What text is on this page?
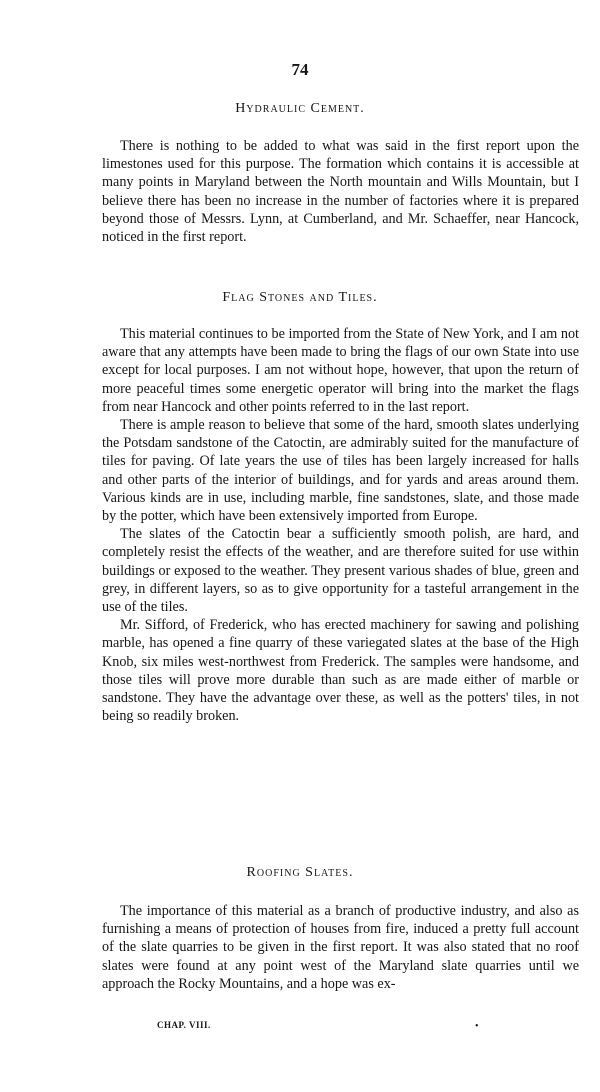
74

Hydraulic Cement.

There is nothing to be added to what was said in the first report upon the limestones used for this purpose. The formation which contains it is accessible at many points in Maryland between the North mountain and Wills Mountain, but I believe there has been no increase in the number of factories where it is prepared beyond those of Messrs. Lynn, at Cumberland, and Mr. Schaeffer, near Hancock, noticed in the first report.

Flag Stones and Tiles.

This material continues to be imported from the State of New York, and I am not aware that any attempts have been made to bring the flags of our own State into use except for local purposes. I am not without hope, however, that upon the return of more peaceful times some energetic operator will bring into the market the flags from near Hancock and other points referred to in the last report.

There is ample reason to believe that some of the hard, smooth slates underlying the Potsdam sandstone of the Catoctin, are admirably suited for the manufacture of tiles for paving. Of late years the use of tiles has been largely increased for halls and other parts of the interior of buildings, and for yards and areas around them. Various kinds are in use, including marble, fine sandstones, slate, and those made by the potter, which have been extensively imported from Europe.

The slates of the Catoctin bear a sufficiently smooth polish, are hard, and completely resist the effects of the weather, and are therefore suited for use within buildings or exposed to the weather. They present various shades of blue, green and grey, in different layers, so as to give opportunity for a tasteful arrangement in the use of the tiles.

Mr. Sifford, of Frederick, who has erected machinery for sawing and polishing marble, has opened a fine quarry of these variegated slates at the base of the High Knob, six miles west-northwest from Frederick. The samples were handsome, and those tiles will prove more durable than such as are made either of marble or sandstone. They have the advantage over these, as well as the potters' tiles, in not being so readily broken.

Roofing Slates.

The importance of this material as a branch of productive industry, and also as furnishing a means of protection of houses from fire, induced a pretty full account of the slate quarries to be given in the first report. It was also stated that no roof slates were found at any point west of the Maryland slate quarries until we approach the Rocky Mountains, and a hope was ex-

CHAP. VIII.	•
